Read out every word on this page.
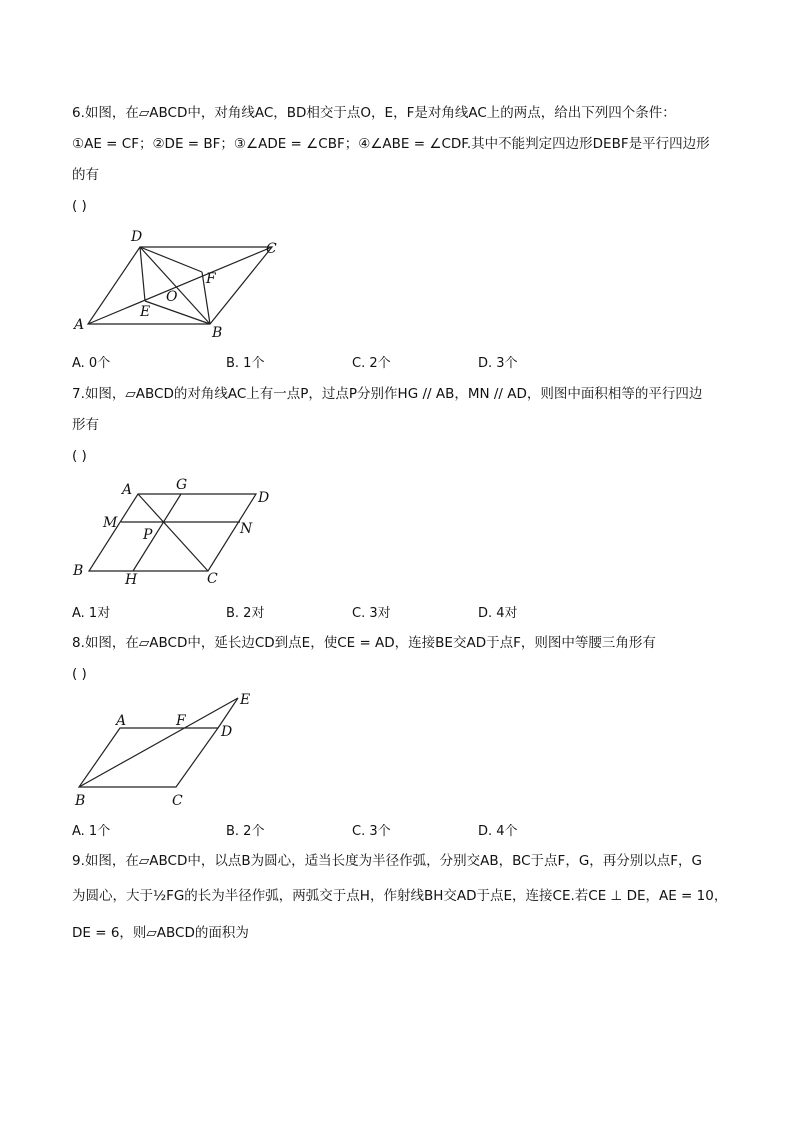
6.如图，在▱ABCD中，对角线AC，BD相交于点O，E，F是对角线AC上的两点，给出下列四个条件：
①AE = CF；②DE = BF；③∠ADE = ∠CBF；④∠ABE = ∠CDF.其中不能判定四边形DEBF是平行四边形
的有
( )
D
C
A	B
O
E
F
A. 0个	B. 1个	C. 2个	D. 3个
7.如图，▱ABCD的对角线AC上有一点P，过点P分别作HG // AB，MN // AD，则图中面积相等的平行四边
形有
( )
A	G
D
M	N
P
B
H	C
A. 1对	B. 2对	C. 3对	D. 4对
8.如图，在▱ABCD中，延长边CD到点E，使CE = AD，连接BE交AD于点F，则图中等腰三角形有
( )
A	F
D
E
B	C
A. 1个	B. 2个	C. 3个	D. 4个
9.如图，在▱ABCD中，以点B为圆心，适当长度为半径作弧，分别交AB，BC于点F，G，再分别以点F，G
为圆心，大于½FG的长为半径作弧，两弧交于点H，作射线BH交AD于点E，连接CE.若CE ⊥ DE，AE = 10，
DE = 6，则▱ABCD的面积为
